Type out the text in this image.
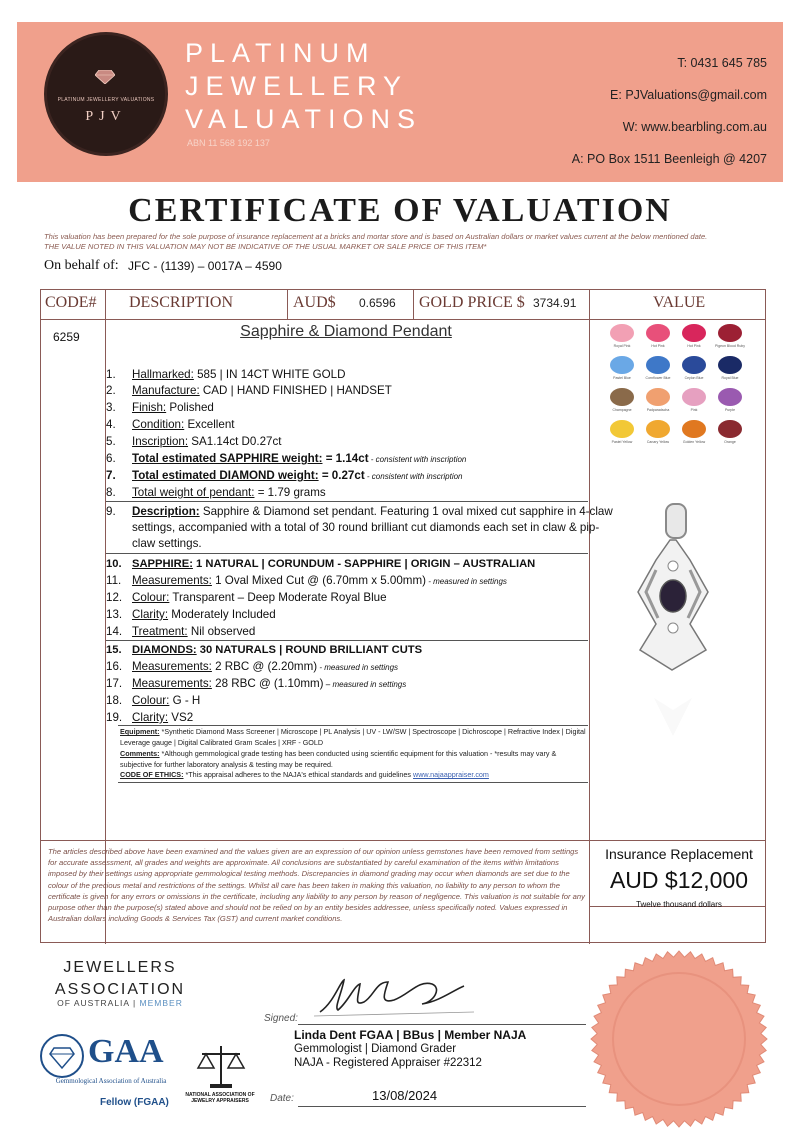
PLATINUM JEWELLERY VALUATIONS
PJV
PLATINUM
JEWELLERY
VALUATIONS
ABN 11 568 192 137
T: 0431 645 785
E: PJValuations@gmail.com
W: www.bearbling.com.au
A: PO Box 1511 Beenleigh @ 4207
CERTIFICATE OF VALUATION
This valuation has been prepared for the sole purpose of insurance replacement at a bricks and mortar store and is based on Australian dollars or market values current at the below mentioned date.
THE VALUE NOTED IN THIS VALUATION MAY NOT BE INDICATIVE OF THE USUAL MARKET OR SALE PRICE OF THIS ITEM*
On behalf of: JFC - (1139) – 0017A – 4590
CODE# DESCRIPTION	AUD$ 0.6596 GOLD PRICE $ 3734.91	VALUE
6259	Sapphire & Diamond Pendant
1. Hallmarked: 585 | IN 14CT WHITE GOLD
2. Manufacture: CAD | HAND FINISHED | HANDSET
3. Finish: Polished
4. Condition: Excellent
5. Inscription: SA1.14ct D0.27ct
6. Total estimated SAPPHIRE weight: = 1.14ct - consistent with inscription
7. Total estimated DIAMOND weight: = 0.27ct - consistent with inscription
8. Total weight of pendant: = 1.79 grams
9. Description: Sapphire & Diamond set pendant. Featuring 1 oval mixed cut sapphire in 4-claw
settings, accompanied with a total of 30 round brilliant cut diamonds each set in claw & pip-
claw settings.
10. SAPPHIRE: 1 NATURAL | CORUNDUM - SAPPHIRE | ORIGIN – AUSTRALIAN
11. Measurements: 1 Oval Mixed Cut @ (6.70mm x 5.00mm) - measured in settings
12. Colour: Transparent – Deep Moderate Royal Blue
13. Clarity: Moderately Included
14. Treatment: Nil observed
15. DIAMONDS: 30 NATURALS | ROUND BRILLIANT CUTS
16. Measurements: 2 RBC @ (2.20mm) - measured in settings
17. Measurements: 28 RBC @ (1.10mm) – measured in settings
18. Colour: G - H
19. Clarity: VS2
Equipment: *Synthetic Diamond Mass Screener | Microscope | PL Analysis | UV - LW/SW | Spectroscope | Dichroscope | Refractive Index | Digital Leverage gauge | Digital Calibrated Gram Scales | XRF - GOLD
Comments: *Although gemmological grade testing has been conducted using scientific equipment for this valuation - *results may vary & subjective for further laboratory analysis & testing may be required.
CODE OF ETHICS: *This appraisal adheres to the NAJA's ethical standards and guidelines www.najaappraiser.com
Royal Pink	Hot Pink	Hot Pink	Pigeon Blood Ruby
Pastel Blue	Cornflower Blue	Ceylon Blue	Royal Blue
Champagne	Padparadscha	Pink	Purple
Pastel Yellow	Canary Yellow	Golden Yellow	Orange
The articles described above have been examined and the values given are an expression of our opinion unless gemstones have been removed from settings for accurate assessment, all grades and weights are approximate. All conclusions are substantiated by careful examination of the items within limitations imposed by their settings using appropriate gemmological testing methods. Discrepancies in diamond grading may occur when diamonds are set due to the colour of the precious metal and restrictions of the settings. Whilst all care has been taken in making this valuation, no liability to any person to whom the certificate is given for any errors or omissions in the certificate, including any liability to any person by reason of negligence. This valuation is not suitable for any purpose other than the purpose(s) stated above and should not be relied on by an entity besides addressee, unless specifically noted. Values expressed in Australian dollars including Goods & Services Tax (GST) and current market conditions.
Insurance Replacement
AUD $12,000
Twelve thousand dollars
JEWELLERS
ASSOCIATION
OF AUSTRALIA | MEMBER
GAA
Gemmological Association of Australia
Fellow (FGAA)
NATIONAL ASSOCIATION OF JEWELRY APPRAISERS
Signed:
Linda Dent FGAA | BBus | Member NAJA
Gemmologist | Diamond Grader
NAJA - Registered Appraiser #22312
Date:	13/08/2024
